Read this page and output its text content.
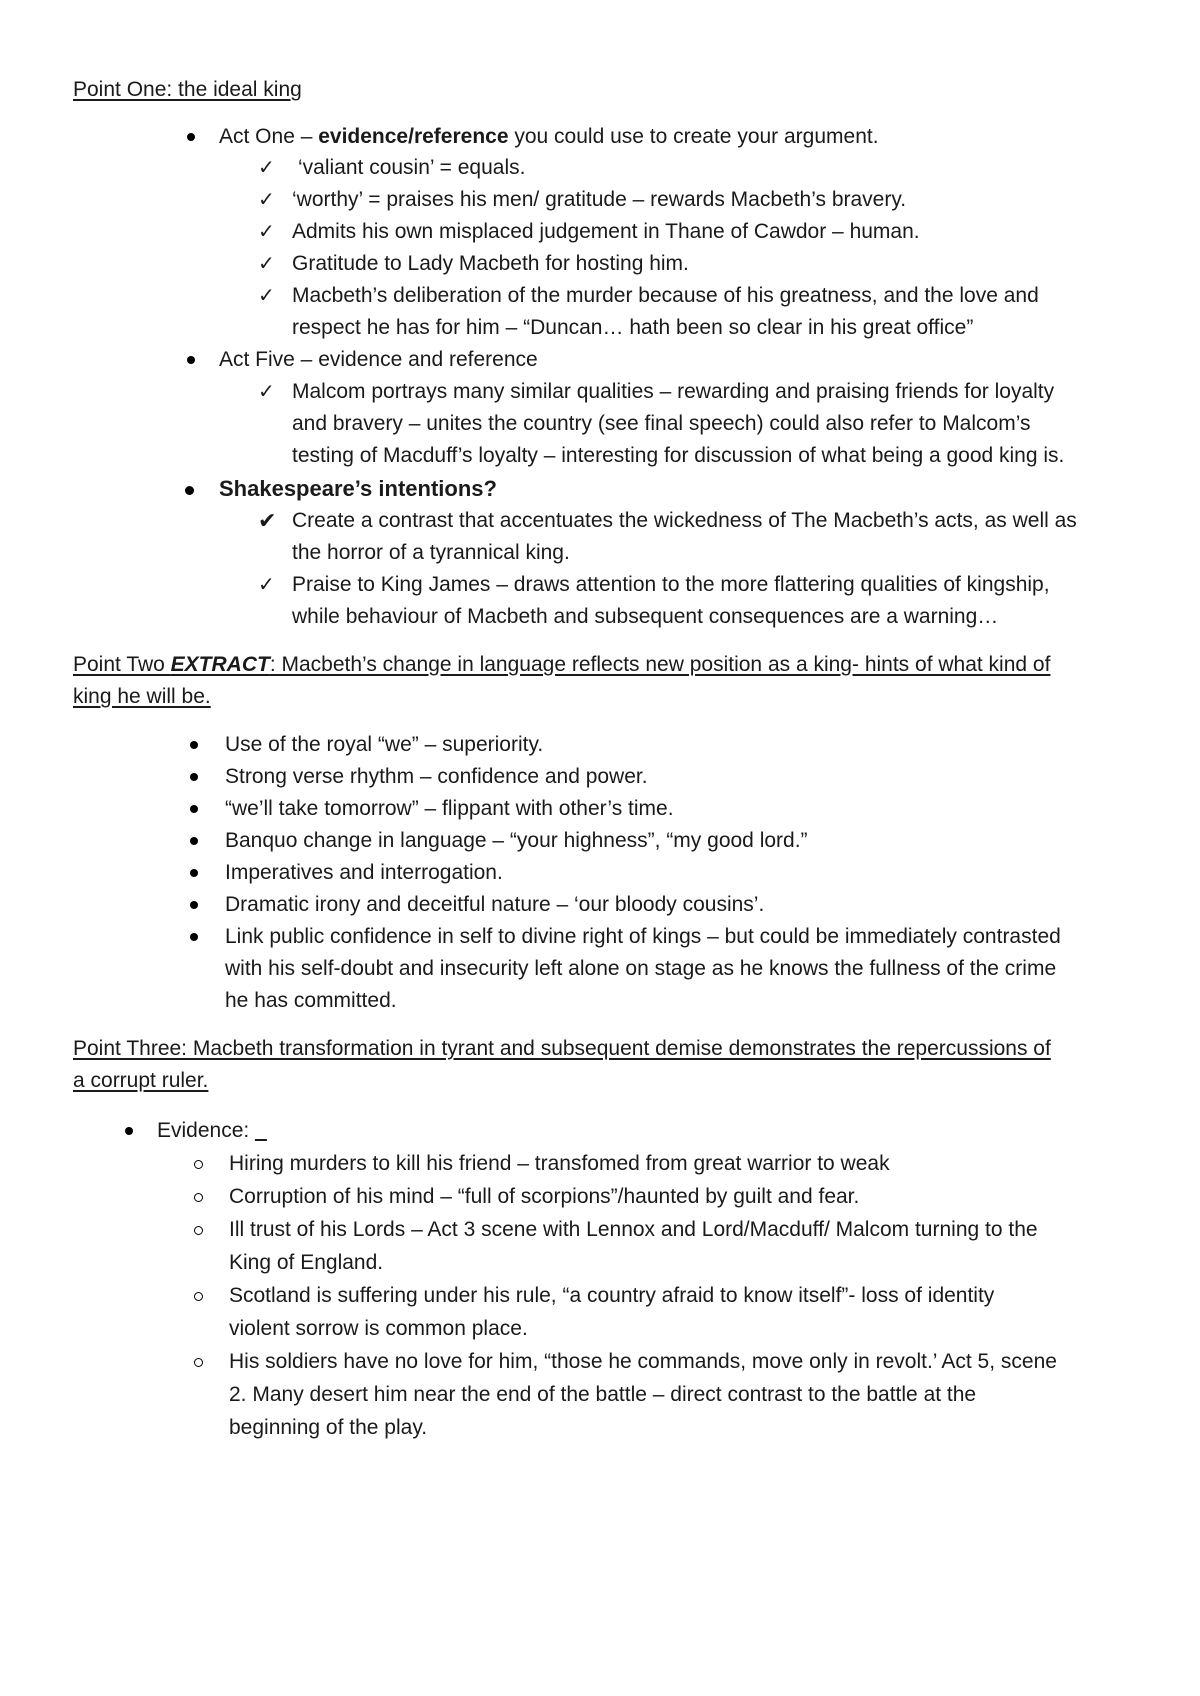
Point One: the ideal king
Act One – evidence/reference you could use to create your argument.
✓ ‘valiant cousin’ = equals.
✓ ‘worthy’ = praises his men/ gratitude – rewards Macbeth’s bravery.
✓ Admits his own misplaced judgement in Thane of Cawdor – human.
✓ Gratitude to Lady Macbeth for hosting him.
✓ Macbeth’s deliberation of the murder because of his greatness, and the love and
respect he has for him – “Duncan… hath been so clear in his great office”
Act Five – evidence and reference
✓ Malcom portrays many similar qualities – rewarding and praising friends for loyalty
and bravery – unites the country (see final speech) could also refer to Malcom’s
testing of Macduff’s loyalty – interesting for discussion of what being a good king is.
Shakespeare’s intentions?
✔ Create a contrast that accentuates the wickedness of The Macbeth’s acts, as well as
the horror of a tyrannical king.
✓ Praise to King James – draws attention to the more flattering qualities of kingship,
while behaviour of Macbeth and subsequent consequences are a warning…
Point Two EXTRACT: Macbeth’s change in language reflects new position as a king- hints of what kind of
king he will be.
Use of the royal “we” – superiority.
Strong verse rhythm – confidence and power.
“we’ll take tomorrow” – flippant with other’s time.
Banquo change in language – “your highness”, “my good lord.”
Imperatives and interrogation.
Dramatic irony and deceitful nature – ‘our bloody cousins’.
Link public confidence in self to divine right of kings – but could be immediately contrasted
with his self-doubt and insecurity left alone on stage as he knows the fullness of the crime
he has committed.
Point Three: Macbeth transformation in tyrant and subsequent demise demonstrates the repercussions of
a corrupt ruler.
Evidence: _
Hiring murders to kill his friend – transfomed from great warrior to weak
Corruption of his mind – “full of scorpions”/haunted by guilt and fear.
Ill trust of his Lords – Act 3 scene with Lennox and Lord/Macduff/ Malcom turning to the
King of England.
Scotland is suffering under his rule, “a country afraid to know itself”- loss of identity
violent sorrow is common place.
His soldiers have no love for him, “those he commands, move only in revolt.’ Act 5, scene
2. Many desert him near the end of the battle – direct contrast to the battle at the
beginning of the play.
